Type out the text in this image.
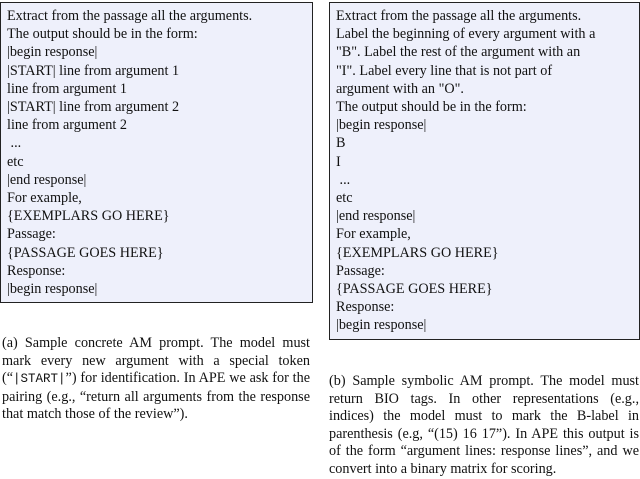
Extract from the passage all the arguments.
The output should be in the form:
|begin response|
|START| line from argument 1
line from argument 1
|START| line from argument 2
line from argument 2
...
etc
|end response|
For example,
{EXEMPLARS GO HERE}
Passage:
{PASSAGE GOES HERE}
Response:
|begin response|
Extract from the passage all the arguments.
Label the beginning of every argument with a
"B". Label the rest of the argument with an
"I". Label every line that is not part of
argument with an "O".
The output should be in the form:
|begin response|
B
I
...
etc
|end response|
For example,
{EXEMPLARS GO HERE}
Passage:
{PASSAGE GOES HERE}
Response:
|begin response|
(a) Sample concrete AM prompt. The model must mark every new argument with a special token (“|START|”) for identification. In APE we ask for the pairing (e.g., “return all arguments from the response that match those of the review”).
(b) Sample symbolic AM prompt. The model must return BIO tags. In other representations (e.g., indices) the model must to mark the B-label in parenthesis (e.g, “(15) 16 17”). In APE this output is of the form “argument lines: response lines”, and we convert into a binary matrix for scoring.
